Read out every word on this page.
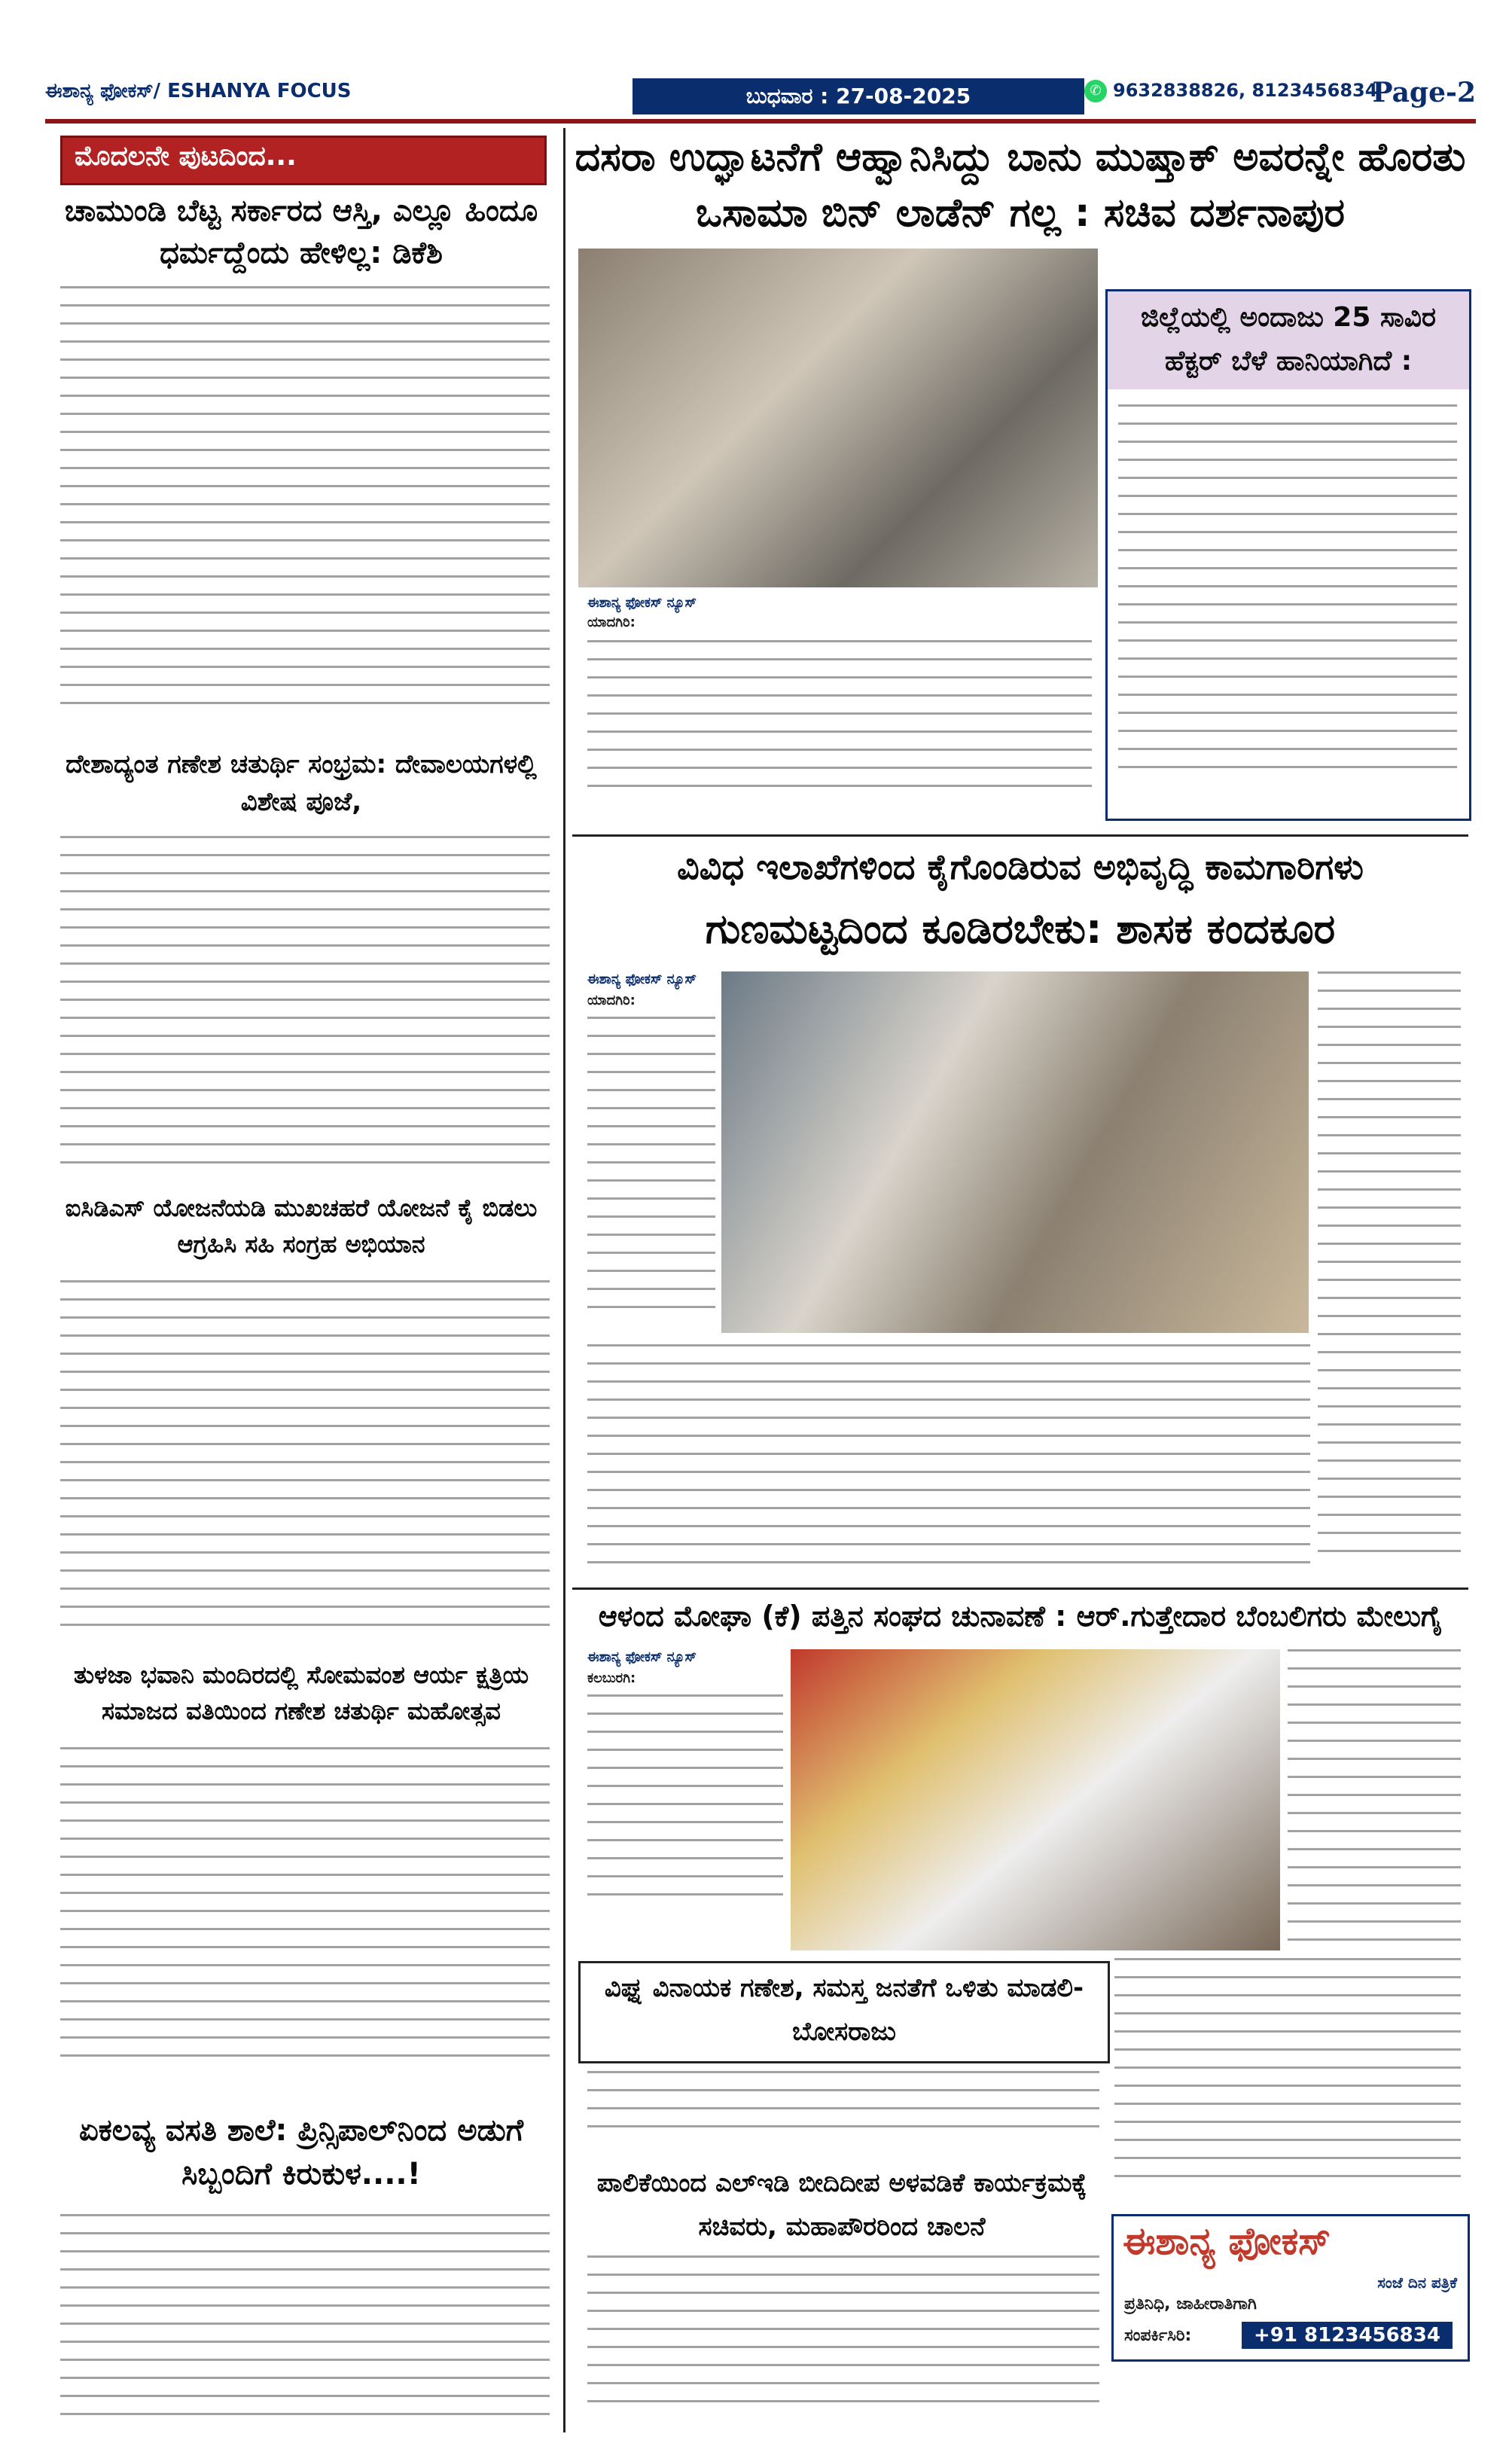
ಈಶಾನ್ಯ ಫೋಕಸ್/ ESHANYA FOCUS	ಬುಧವಾರ : 27-08-2025	✆ 9632838826, 8123456834
Page-2
ಮೊದಲನೇ ಪುಟದಿಂದ...
ಚಾಮುಂಡಿ ಬೆಟ್ಟ ಸರ್ಕಾರದ ಆಸ್ತಿ, ಎಲ್ಲೂ ಹಿಂದೂ ಧರ್ಮದ್ದೆಂದು ಹೇಳಿಲ್ಲ: ಡಿಕೆಶಿ
ದೇಶಾದ್ಯಂತ ಗಣೇಶ ಚತುರ್ಥಿ ಸಂಭ್ರಮ: ದೇವಾಲಯಗಳಲ್ಲಿ ವಿಶೇಷ ಪೂಜೆ,
ಐಸಿಡಿಎಸ್ ಯೋಜನೆಯಡಿ ಮುಖಚಹರೆ ಯೋಜನೆ ಕೈ ಬಿಡಲು ಆಗ್ರಹಿಸಿ ಸಹಿ ಸಂಗ್ರಹ ಅಭಿಯಾನ
ತುಳಜಾ ಭವಾನಿ ಮಂದಿರದಲ್ಲಿ ಸೋಮವಂಶ ಆರ್ಯ ಕ್ಷತ್ರಿಯ ಸಮಾಜದ ವತಿಯಿಂದ ಗಣೇಶ ಚತುರ್ಥಿ ಮಹೋತ್ಸವ
ಏಕಲವ್ಯ ವಸತಿ ಶಾಲೆ: ಪ್ರಿನ್ಸಿಪಾಲ್‌ನಿಂದ ಅಡುಗೆ ಸಿಬ್ಬಂದಿಗೆ ಕಿರುಕುಳ....!
ದಸರಾ ಉದ್ಘಾಟನೆಗೆ ಆಹ್ವಾನಿಸಿದ್ದು ಬಾನು ಮುಷ್ತಾಕ್ ಅವರನ್ನೇ ಹೊರತು ಒಸಾಮಾ ಬಿನ್ ಲಾಡೆನ್ ಗಲ್ಲ : ಸಚಿವ ದರ್ಶನಾಪುರ
ಈಶಾನ್ಯ ಫೋಕಸ್ ನ್ಯೂಸ್
ಯಾದಗಿರಿ:
ಜಿಲ್ಲೆಯಲ್ಲಿ ಅಂದಾಜು 25 ಸಾವಿರ ಹೆಕ್ಟರ್ ಬೆಳೆ ಹಾನಿಯಾಗಿದೆ :
ವಿವಿಧ ಇಲಾಖೆಗಳಿಂದ ಕೈಗೊಂಡಿರುವ ಅಭಿವೃದ್ಧಿ ಕಾಮಗಾರಿಗಳು
ಗುಣಮಟ್ಟದಿಂದ ಕೂಡಿರಬೇಕು: ಶಾಸಕ ಕಂದಕೂರ
ಈಶಾನ್ಯ ಫೋಕಸ್ ನ್ಯೂಸ್
ಯಾದಗಿರಿ:
ಆಳಂದ ಮೋಘಾ (ಕೆ) ಪತ್ತಿನ ಸಂಘದ ಚುನಾವಣೆ : ಆರ್.ಗುತ್ತೇದಾರ ಬೆಂಬಲಿಗರು ಮೇಲುಗೈ
ಈಶಾನ್ಯ ಫೋಕಸ್ ನ್ಯೂಸ್
ಕಲಬುರಗಿ:
ವಿಘ್ನ ವಿನಾಯಕ ಗಣೇಶ, ಸಮಸ್ತ ಜನತೆಗೆ ಒಳಿತು ಮಾಡಲಿ- ಬೋಸರಾಜು
ಪಾಲಿಕೆಯಿಂದ ಎಲ್‌ಇಡಿ ಬೀದಿದೀಪ ಅಳವಡಿಕೆ ಕಾರ್ಯಕ್ರಮಕ್ಕೆ ಸಚಿವರು, ಮಹಾಪೌರರಿಂದ ಚಾಲನೆ	ಈಶಾನ್ಯ ಫೋಕಸ್
ಸಂಜೆ ದಿನ ಪತ್ರಿಕೆ
ಪ್ರತಿನಿಧಿ, ಜಾಹೀರಾತಿಗಾಗಿ
ಸಂಪರ್ಕಿಸಿರಿ:	+91 8123456834
